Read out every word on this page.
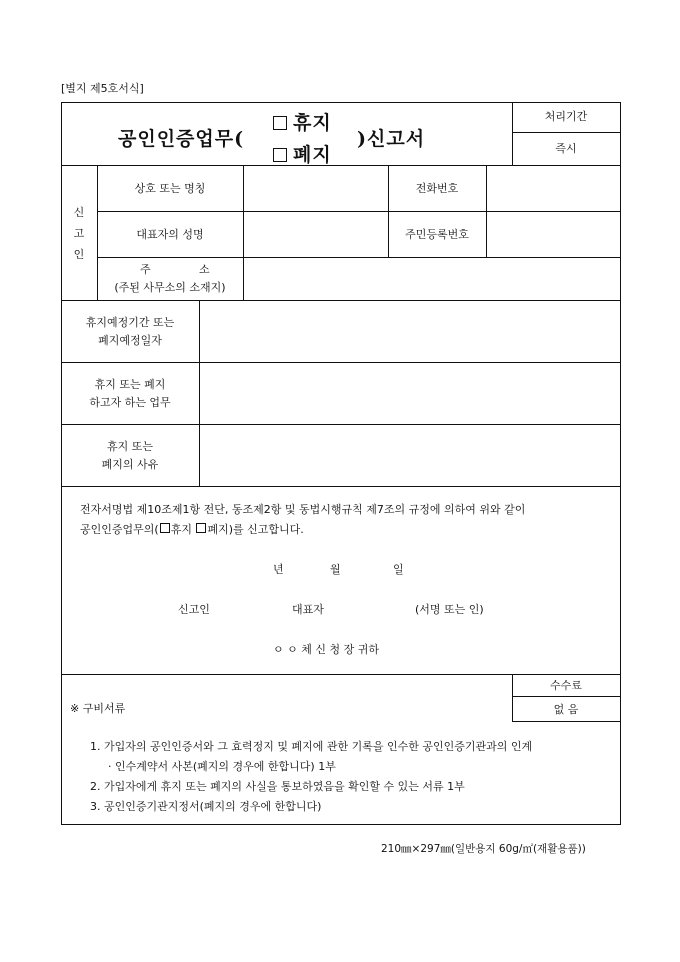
[별지 제5호서식]
공인인증업무(
휴지
폐지
)신고서
처리기간
즉시
신
고
인
상호 또는 명칭	전화번호
대표자의 성명	주민등록번호
주	소
(주된 사무소의 소재지)
휴지예정기간 또는
폐지예정일자
휴지 또는 폐지
하고자 하는 업무
휴지 또는
폐지의 사유
전자서명법 제10조제1항 전단, 동조제2항 및 동법시행규칙 제7조의 규정에 의하여 위와 같이
공인인증업무의( 휴지 폐지)를 신고합니다.
년	월	일
신고인	대표자	(서명 또는 인)
ㅇ ㅇ 체 신 청 장 귀하
※ 구비서류
수수료
없 음
1. 가입자의 공인인증서와 그 효력정지 및 폐지에 관한 기록을 인수한 공인인증기관과의 인계
· 인수계약서 사본(폐지의 경우에 한합니다) 1부
2. 가입자에게 휴지 또는 폐지의 사실을 통보하였음을 확인할 수 있는 서류 1부
3. 공인인증기관지정서(폐지의 경우에 한합니다)
210㎜×297㎜(일반용지 60g/㎡(재활용품))
